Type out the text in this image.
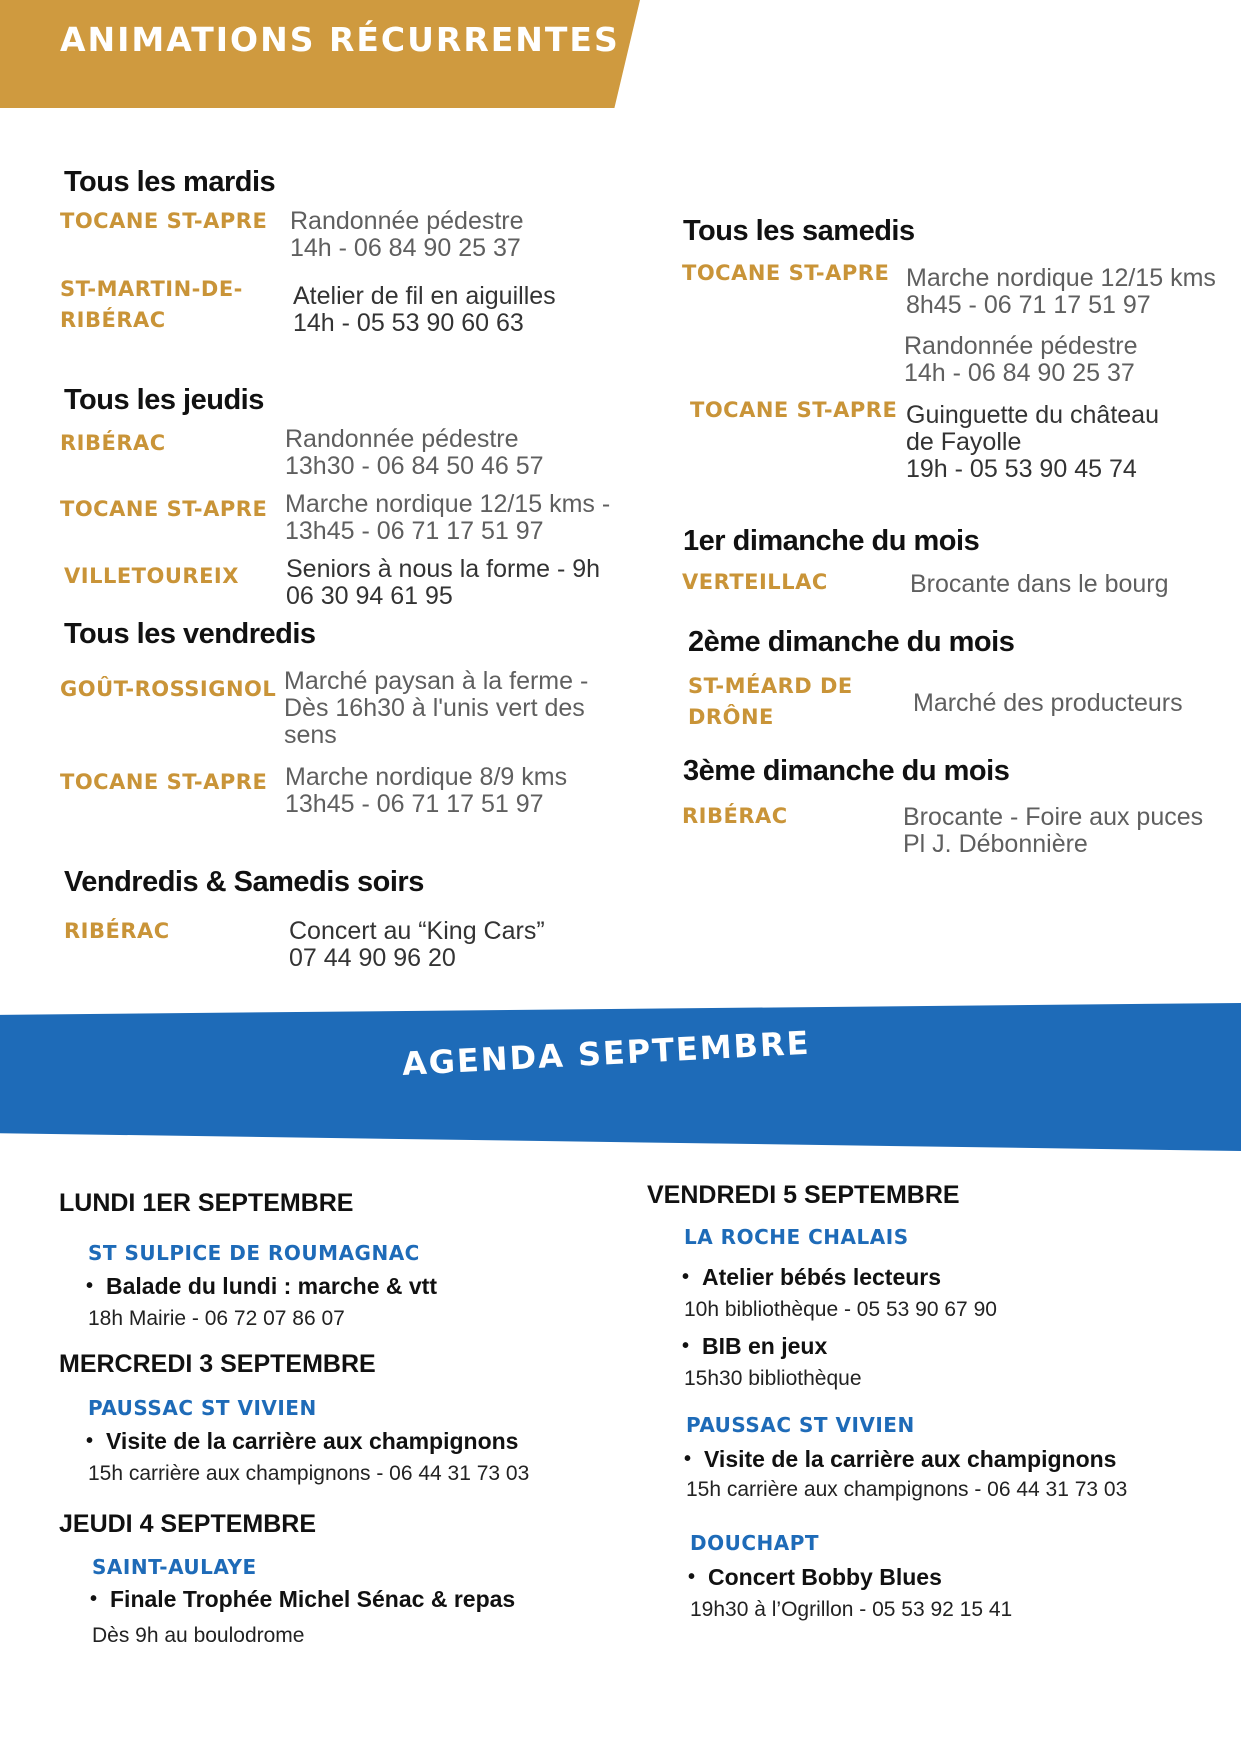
ANIMATIONS RÉCURRENTES
Tous les mardis
TOCANE ST-APRE Randonnée pédestre
14h - 06 84 90 25 37
ST-MARTIN-DE-
RIBÉRAC
Atelier de fil en aiguilles
14h - 05 53 90 60 63
Tous les jeudis
RIBÉRAC	Randonnée pédestre
13h30 - 06 84 50 46 57
TOCANE ST-APRE Marche nordique 12/15 kms -
13h45 - 06 71 17 51 97
VILLETOUREIX Seniors à nous la forme - 9h
06 30 94 61 95
Tous les vendredis
GOÛT-ROSSIGNOL Marché paysan à la ferme -
Dès 16h30 à l'unis vert des
sens
TOCANE ST-APRE Marche nordique 8/9 kms
13h45 - 06 71 17 51 97
Vendredis & Samedis soirs
RIBÉRAC	Concert au “King Cars”
07 44 90 96 20
Tous les samedis
TOCANE ST-APRE Marche nordique 12/15 kms
8h45 - 06 71 17 51 97
Randonnée pédestre
14h - 06 84 90 25 37
TOCANE ST-APRE Guinguette du château
de Fayolle
19h - 05 53 90 45 74
1er dimanche du mois
VERTEILLAC	Brocante dans le bourg
2ème dimanche du mois
ST-MÉARD DE
DRÔNE	Marché des producteurs
3ème dimanche du mois
RIBÉRAC	Brocante - Foire aux puces
Pl J. Débonnière
AGENDA SEPTEMBRE
LUNDI 1ER SEPTEMBRE
ST SULPICE DE ROUMAGNAC
• Balade du lundi : marche & vtt
18h Mairie - 06 72 07 86 07
MERCREDI 3 SEPTEMBRE
PAUSSAC ST VIVIEN
• Visite de la carrière aux champignons
15h carrière aux champignons - 06 44 31 73 03
JEUDI 4 SEPTEMBRE
SAINT-AULAYE
• Finale Trophée Michel Sénac & repas
Dès 9h au boulodrome
VENDREDI 5 SEPTEMBRE
LA ROCHE CHALAIS
• Atelier bébés lecteurs
10h bibliothèque - 05 53 90 67 90
• BIB en jeux
15h30 bibliothèque
PAUSSAC ST VIVIEN
• Visite de la carrière aux champignons
15h carrière aux champignons - 06 44 31 73 03
DOUCHAPT
• Concert Bobby Blues
19h30 à l’Ogrillon - 05 53 92 15 41
